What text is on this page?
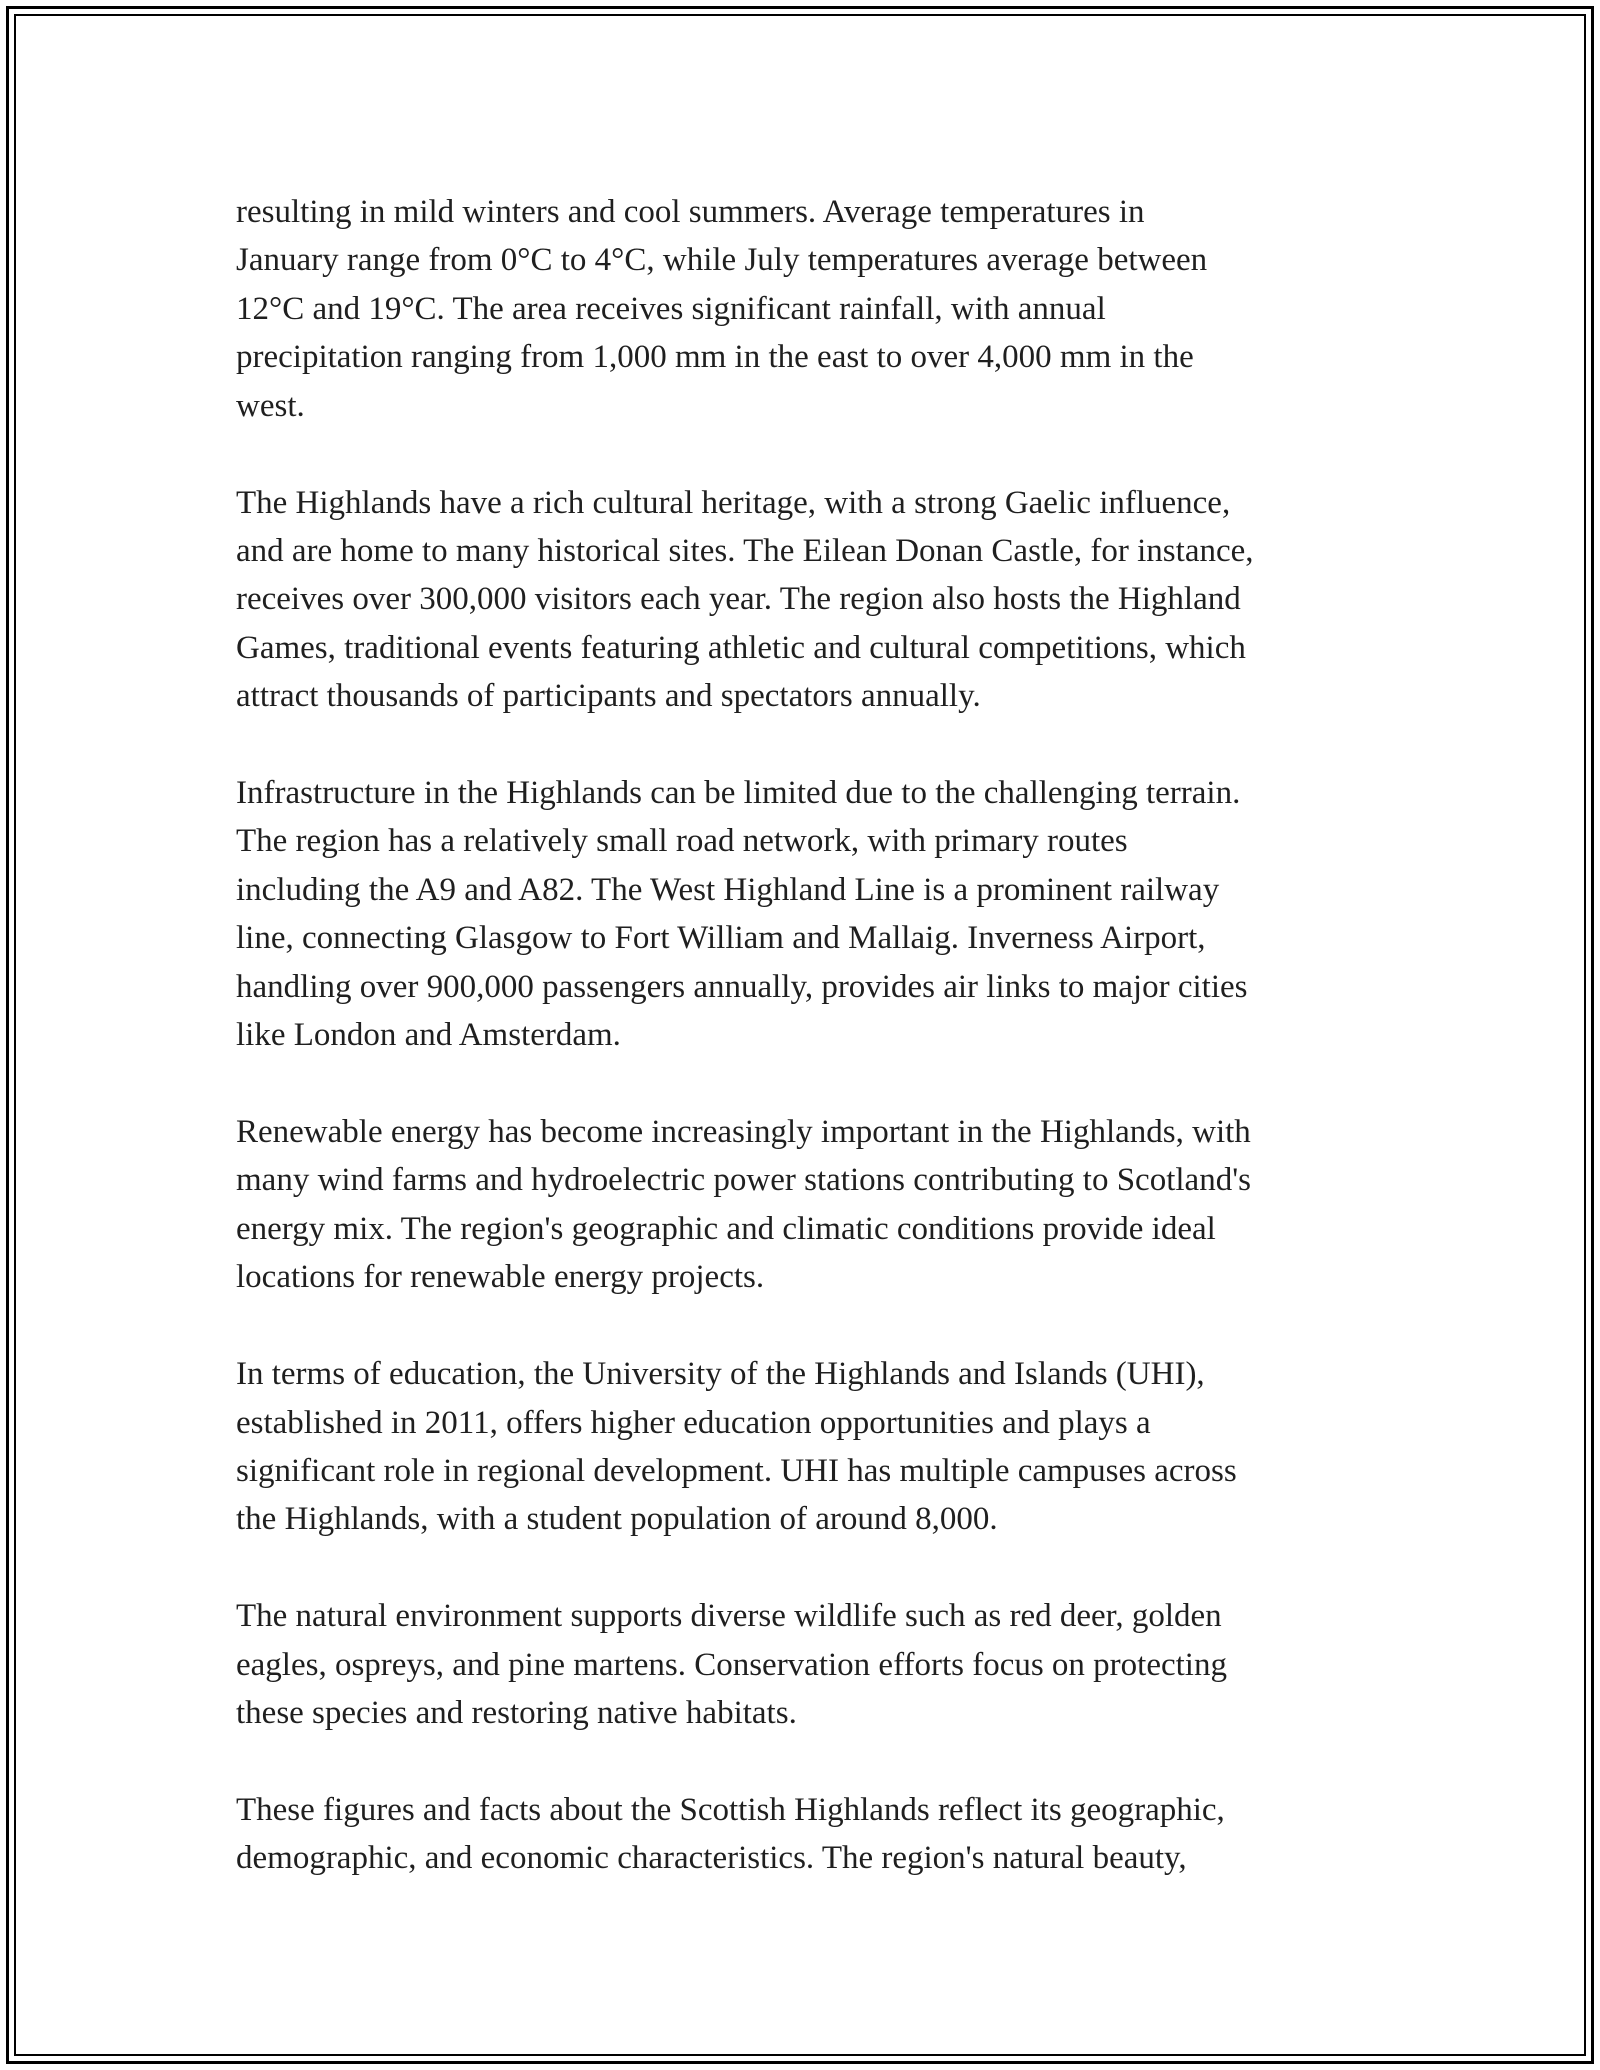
resulting in mild winters and cool summers. Average temperatures in
January range from 0°C to 4°C, while July temperatures average between
12°C and 19°C. The area receives significant rainfall, with annual
precipitation ranging from 1,000 mm in the east to over 4,000 mm in the
west.

The Highlands have a rich cultural heritage, with a strong Gaelic influence,
and are home to many historical sites. The Eilean Donan Castle, for instance,
receives over 300,000 visitors each year. The region also hosts the Highland
Games, traditional events featuring athletic and cultural competitions, which
attract thousands of participants and spectators annually.

Infrastructure in the Highlands can be limited due to the challenging terrain.
The region has a relatively small road network, with primary routes
including the A9 and A82. The West Highland Line is a prominent railway
line, connecting Glasgow to Fort William and Mallaig. Inverness Airport,
handling over 900,000 passengers annually, provides air links to major cities
like London and Amsterdam.

Renewable energy has become increasingly important in the Highlands, with
many wind farms and hydroelectric power stations contributing to Scotland's
energy mix. The region's geographic and climatic conditions provide ideal
locations for renewable energy projects.

In terms of education, the University of the Highlands and Islands (UHI),
established in 2011, offers higher education opportunities and plays a
significant role in regional development. UHI has multiple campuses across
the Highlands, with a student population of around 8,000.

The natural environment supports diverse wildlife such as red deer, golden
eagles, ospreys, and pine martens. Conservation efforts focus on protecting
these species and restoring native habitats.

These figures and facts about the Scottish Highlands reflect its geographic,
demographic, and economic characteristics. The region's natural beauty,
